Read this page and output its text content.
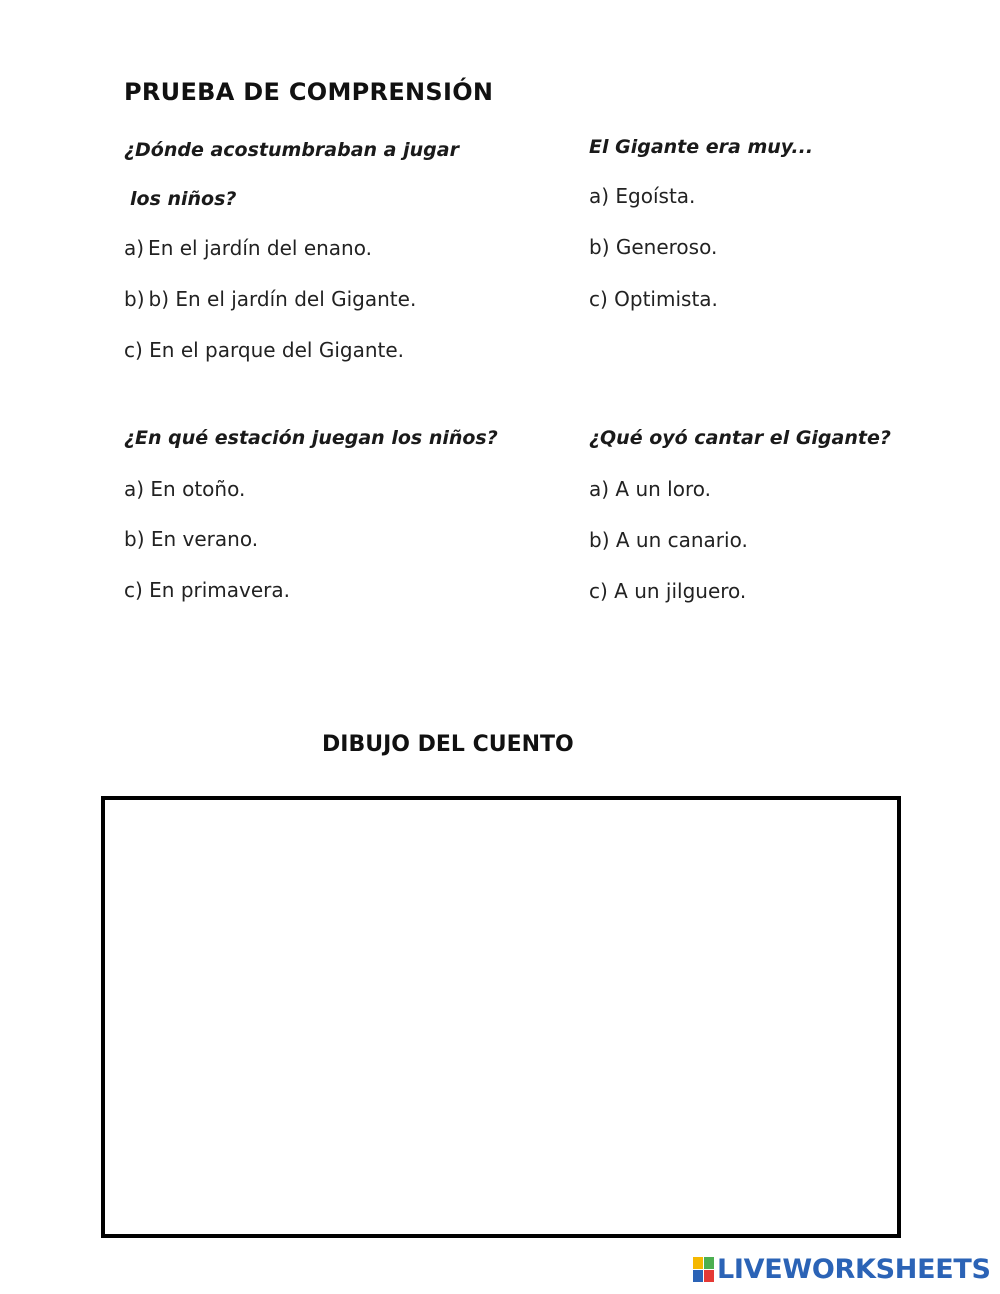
PRUEBA DE COMPRENSIÓN
¿Dónde acostumbraban a jugar
los niños?
a) En el jardín del enano.
b) b) En el jardín del Gigante.
c) En el parque del Gigante.
El Gigante era muy...
a) Egoísta.
b) Generoso.
c) Optimista.
¿En qué estación juegan los niños?
a) En otoño.
b) En verano.
c) En primavera.
¿Qué oyó cantar el Gigante?
a) A un loro.
b) A un canario.
c) A un jilguero.
DIBUJO DEL CUENTO
LIVEWORKSHEETS
